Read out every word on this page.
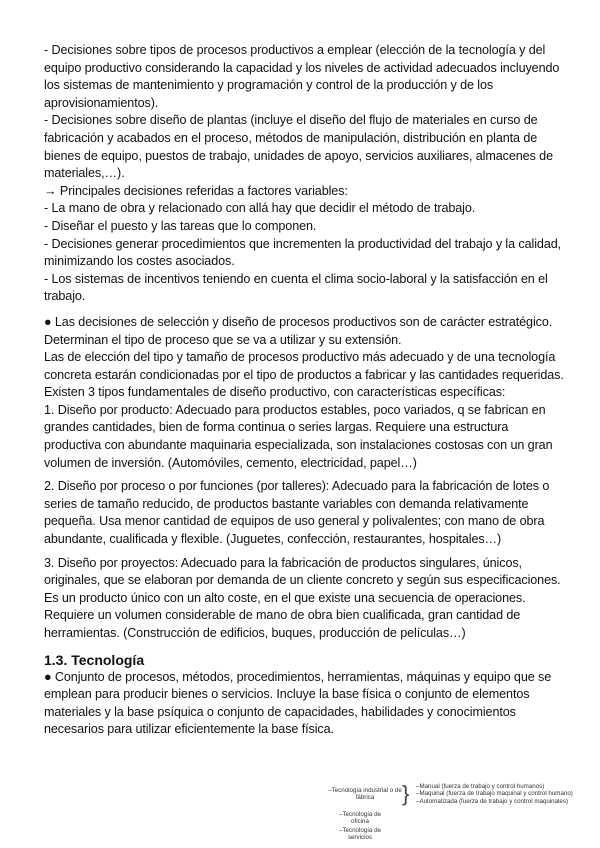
- Decisiones sobre tipos de procesos productivos a emplear (elección de la tecnología y del equipo productivo considerando la capacidad y los niveles de actividad adecuados incluyendo los sistemas de mantenimiento y programación y control de la producción y de los aprovisionamientos).

- Decisiones sobre diseño de plantas (incluye el diseño del flujo de materiales en curso de fabricación y acabados en el proceso, métodos de manipulación, distribución en planta de bienes de equipo, puestos de trabajo, unidades de apoyo, servicios auxiliares, almacenes de materiales,…).

→ Principales decisiones referidas a factores variables:

- La mano de obra y relacionado con allá hay que decidir el método de trabajo.

- Diseñar el puesto y las tareas que lo componen.

- Decisiones generar procedimientos que incrementen la productividad del trabajo y la calidad, minimizando los costes asociados.

- Los sistemas de incentivos teniendo en cuenta el clima socio-laboral y la satisfacción en el trabajo.

● Las decisiones de selección y diseño de procesos productivos son de carácter estratégico. Determinan el tipo de proceso que se va a utilizar y su extensión.

Las de elección del tipo y tamaño de procesos productivo más adecuado y de una tecnología concreta estarán condicionadas por el tipo de productos a fabricar y las cantidades requeridas.

Existen 3 tipos fundamentales de diseño productivo, con características específicas:

1. Diseño por producto: Adecuado para productos estables, poco variados, q se fabrican en grandes cantidades, bien de forma continua o series largas. Requiere una estructura productiva con abundante maquinaria especializada, son instalaciones costosas con un gran volumen de inversión. (Automóviles, cemento, electricidad, papel…)

2. Diseño por proceso o por funciones (por talleres): Adecuado para la fabricación de lotes o series de tamaño reducido, de productos bastante variables con demanda relativamente pequeña. Usa menor cantidad de equipos de uso general y polivalentes; con mano de obra abundante, cualificada y flexible. (Juguetes, confección, restaurantes, hospitales…)

3. Diseño por proyectos: Adecuado para la fabricación de productos singulares, únicos, originales, que se elaboran por demanda de un cliente concreto y según sus especificaciones. Es un producto único con un alto coste, en el que existe una secuencia de operaciones. Requiere un volumen considerable de mano de obra bien cualificada, gran cantidad de herramientas. (Construcción de edificios, buques, producción de películas…)

1.3. Tecnología

● Conjunto de procesos, métodos, procedimientos, herramientas, máquinas y equipo que se emplean para producir bienes o servicios. Incluye la base física o conjunto de elementos materiales y la base psíquica o conjunto de capacidades, habilidades y conocimientos necesarios para utilizar eficientemente la base física.

–Tecnología industrial o de fábrica	} –Manual (fuerza de trabajo y control humanos)
–Maquinal (fuerza de trabajo maquinal y control humano)
–Automatizada (fuerza de trabajo y control maquinales)
–Tecnología de oficina
–Tecnología de servicios
